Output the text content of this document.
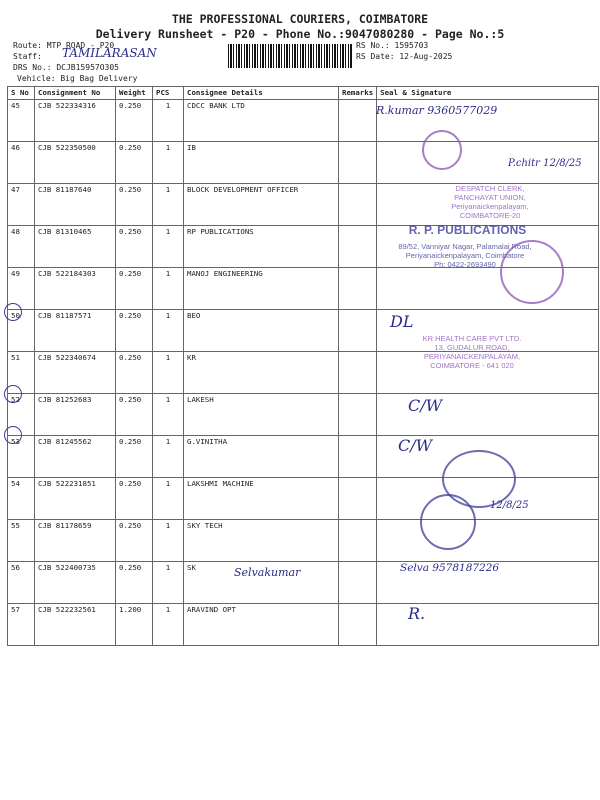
THE PROFESSIONAL COURIERS, COIMBATORE
Delivery Runsheet - P20 - Phone No.:9047080280 - Page No.:5
Route: MTP ROAD - P20
Staff: TAMILARASAN
DRS No.: DCJB15957O305
Vehicle: Big Bag Delivery
RS No.: 1595703
RS Date: 12-Aug-2025
S No	Consignment No	Weight	PCS	Consignee Details	Remarks	Seal & Signature
45	CJB 522334316	0.250	1	CDCC BANK LTD		
46	CJB 522350500	0.250	1	IB		
47	CJB 81187640	0.250	1	BLOCK DEVELOPMENT OFFICER		
48	CJB 81310465	0.250	1	RP PUBLICATIONS		
49	CJB 522184303	0.250	1	MANOJ ENGINEERING		
50	CJB 81187571	0.250	1	BEO		
51	CJB 522340674	0.250	1	KR		
52	CJB 81252683	0.250	1	LAKESH		
53	CJB 81245562	0.250	1	G.VINITHA		
54	CJB 522231851	0.250	1	LAKSHMI MACHINE		
55	CJB 81178659	0.250	1	SKY TECH		
56	CJB 522400735	0.250	1	SK		
57	CJB 522232561	1.200	1	ARAVIND OPT		
R.kumar 9360577029
P.chitr 12/8/25
DESPATCH CLERK,
PANCHAYAT UNION,
Periyanaickenpalayam,
COIMBATORE-20
R. P. PUBLICATIONS
89/52, Vanniyar Nagar, Palamalai Road,
Periyanaickenpalayam, Coimbatore
Ph: 0422-2693490
DL
KR HEALTH CARE PVT LTD.
13, GUDALUR ROAD,
PERIYANAICKENPALAYAM,
COIMBATORE - 641 020
C/W
C/W
12/8/25
Selvakumar	Selva 9578187226
R.
